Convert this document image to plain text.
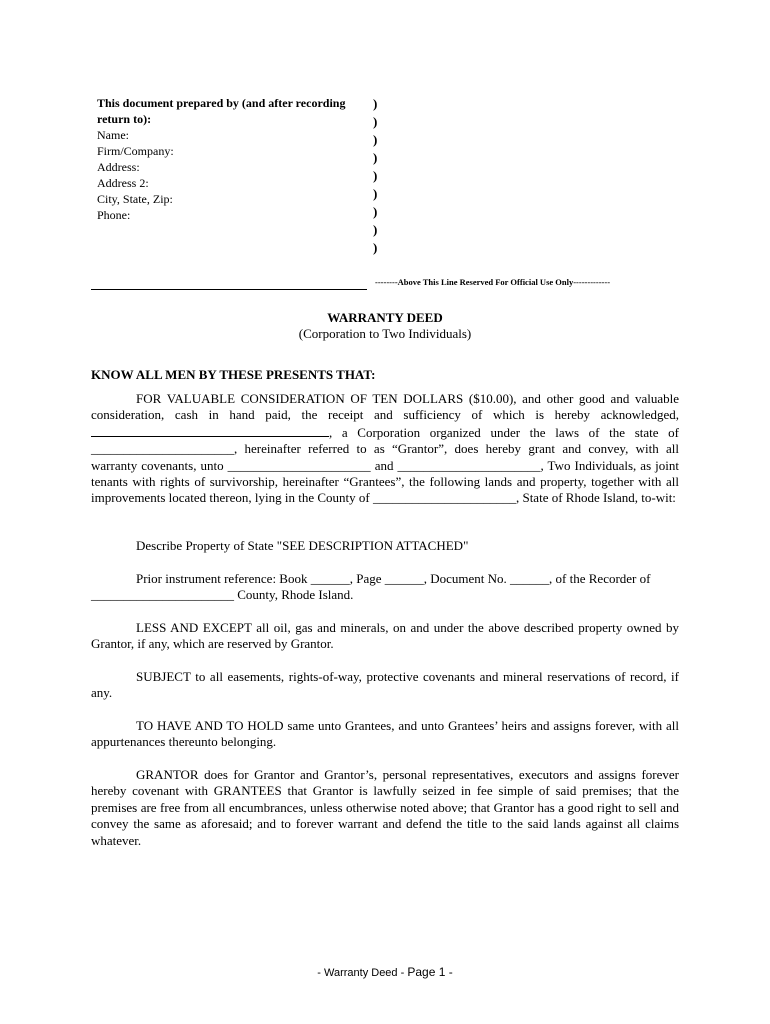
This document prepared by (and after recording return to):
Name:
Firm/Company:
Address:
Address 2:
City, State, Zip:
Phone:
)
)
)
)
)
)
)
)
)
--------Above This Line Reserved For Official Use Only-------------
WARRANTY DEED
(Corporation to Two Individuals)
KNOW ALL MEN BY THESE PRESENTS THAT:
FOR VALUABLE CONSIDERATION OF TEN DOLLARS ($10.00), and other good and valuable consideration, cash in hand paid, the receipt and sufficiency of which is hereby acknowledged, , a Corporation organized under the laws of the state of ______________________, hereinafter referred to as “Grantor”, does hereby grant and convey, with all warranty covenants, unto ______________________ and ______________________, Two Individuals, as joint tenants with rights of survivorship, hereinafter “Grantees”, the following lands and property, together with all improvements located thereon, lying in the County of ______________________, State of Rhode Island, to-wit:
Describe Property of State "SEE DESCRIPTION ATTACHED"
Prior instrument reference: Book ______, Page ______, Document No. ______, of the Recorder of
______________________ County, Rhode Island.
LESS AND EXCEPT all oil, gas and minerals, on and under the above described property owned by Grantor, if any, which are reserved by Grantor.
SUBJECT to all easements, rights-of-way, protective covenants and mineral reservations of record, if any.
TO HAVE AND TO HOLD same unto Grantees, and unto Grantees’ heirs and assigns forever, with all appurtenances thereunto belonging.
GRANTOR does for Grantor and Grantor’s, personal representatives, executors and assigns forever hereby covenant with GRANTEES that Grantor is lawfully seized in fee simple of said premises; that the premises are free from all encumbrances, unless otherwise noted above; that Grantor has a good right to sell and convey the same as aforesaid; and to forever warrant and defend the title to the said lands against all claims whatever.
- Warranty Deed - Page 1 -
